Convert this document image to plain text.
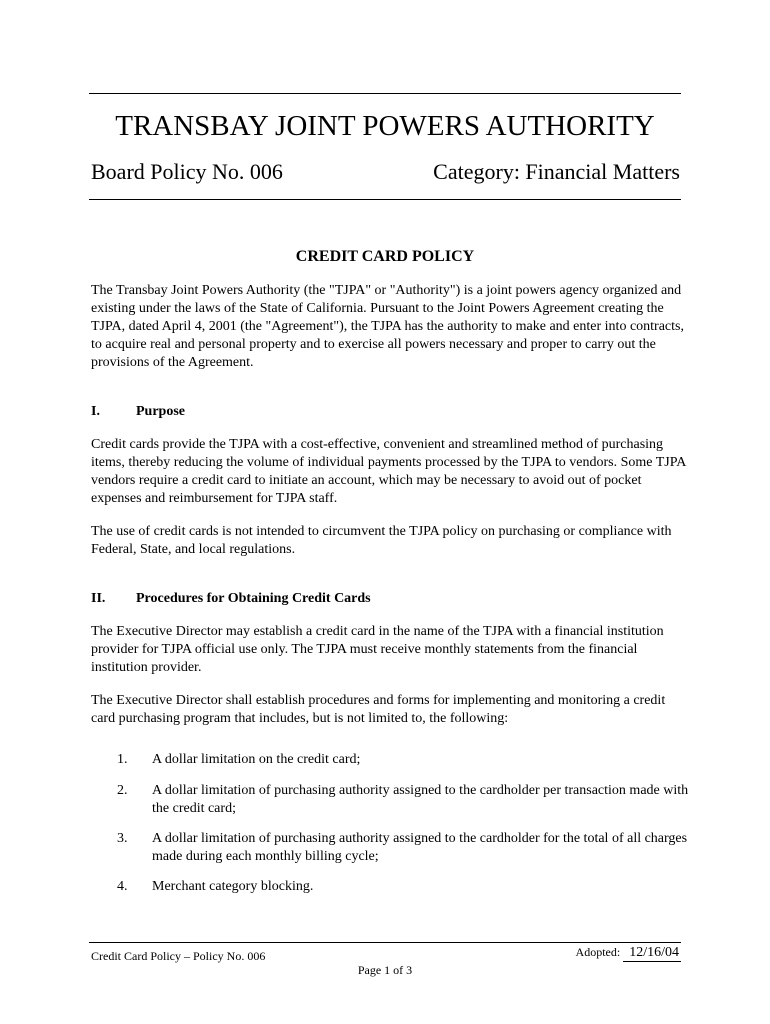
TRANSBAY JOINT POWERS AUTHORITY

Board Policy No. 006	Category: Financial Matters

CREDIT CARD POLICY

The Transbay Joint Powers Authority (the "TJPA" or "Authority") is a joint powers agency organized and existing under the laws of the State of California. Pursuant to the Joint Powers Agreement creating the TJPA, dated April 4, 2001 (the "Agreement"), the TJPA has the authority to make and enter into contracts, to acquire real and personal property and to exercise all powers necessary and proper to carry out the provisions of the Agreement.

I.	Purpose

Credit cards provide the TJPA with a cost-effective, convenient and streamlined method of purchasing items, thereby reducing the volume of individual payments processed by the TJPA to vendors. Some TJPA vendors require a credit card to initiate an account, which may be necessary to avoid out of pocket expenses and reimbursement for TJPA staff.

The use of credit cards is not intended to circumvent the TJPA policy on purchasing or compliance with Federal, State, and local regulations.

II. Procedures for Obtaining Credit Cards

The Executive Director may establish a credit card in the name of the TJPA with a financial institution provider for TJPA official use only. The TJPA must receive monthly statements from the financial institution provider.

The Executive Director shall establish procedures and forms for implementing and monitoring a credit card purchasing program that includes, but is not limited to, the following:

1.	A dollar limitation on the credit card;

2.	A dollar limitation of purchasing authority assigned to the cardholder per transaction made with the credit card;

3.	A dollar limitation of purchasing authority assigned to the cardholder for the total of all charges made during each monthly billing cycle;

4.	Merchant category blocking.

Credit Card Policy – Policy No. 006	Adopted: 12/16/04
Page 1 of 3
